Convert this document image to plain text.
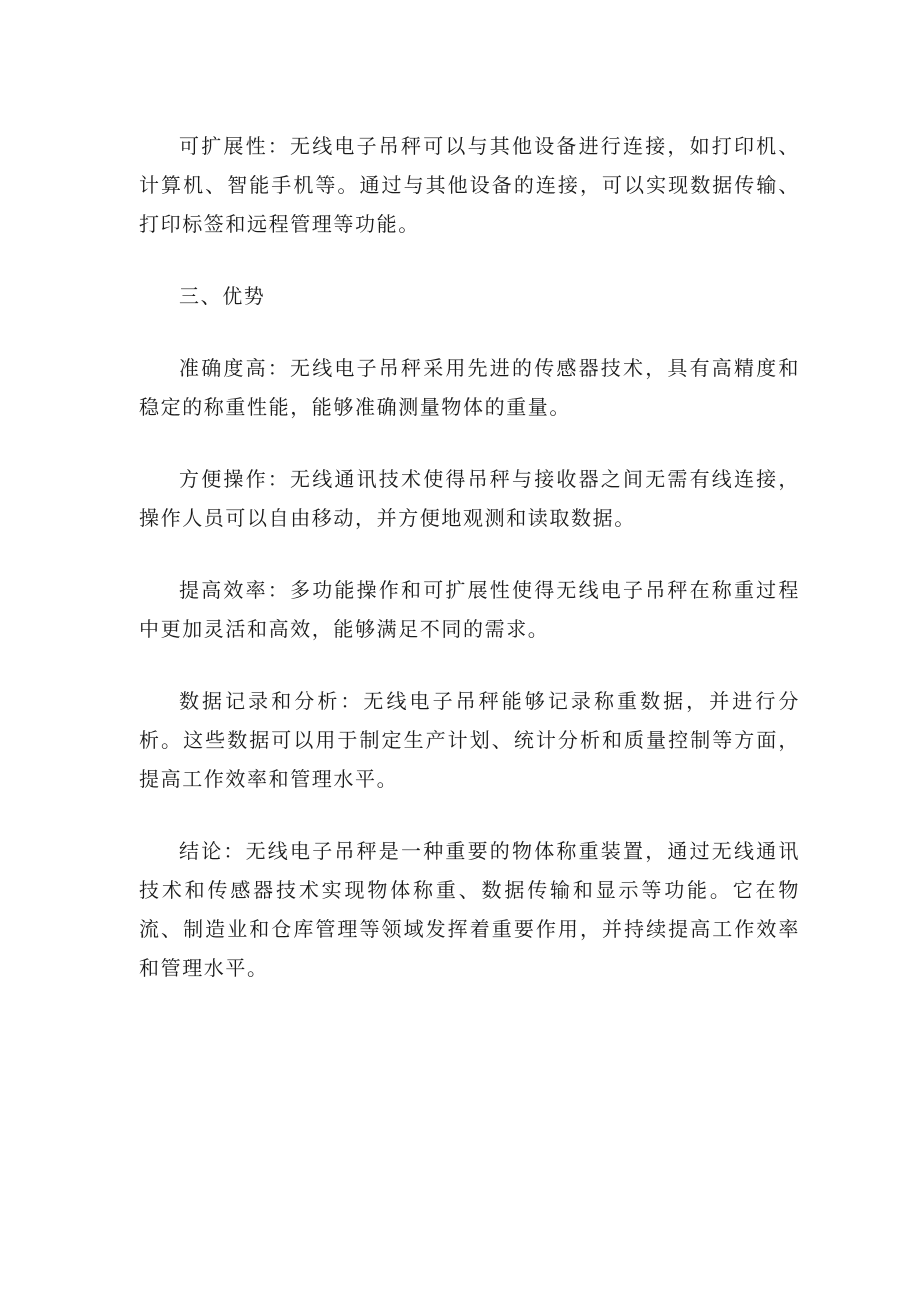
可扩展性：无线电子吊秤可以与其他设备进行连接，如打印机、计算机、智能手机等。通过与其他设备的连接，可以实现数据传输、打印标签和远程管理等功能。

三、优势

准确度高：无线电子吊秤采用先进的传感器技术，具有高精度和稳定的称重性能，能够准确测量物体的重量。

方便操作：无线通讯技术使得吊秤与接收器之间无需有线连接，操作人员可以自由移动，并方便地观测和读取数据。

提高效率：多功能操作和可扩展性使得无线电子吊秤在称重过程中更加灵活和高效，能够满足不同的需求。

数据记录和分析：无线电子吊秤能够记录称重数据，并进行分析。这些数据可以用于制定生产计划、统计分析和质量控制等方面，提高工作效率和管理水平。

结论：无线电子吊秤是一种重要的物体称重装置，通过无线通讯技术和传感器技术实现物体称重、数据传输和显示等功能。它在物流、制造业和仓库管理等领域发挥着重要作用，并持续提高工作效率和管理水平。
